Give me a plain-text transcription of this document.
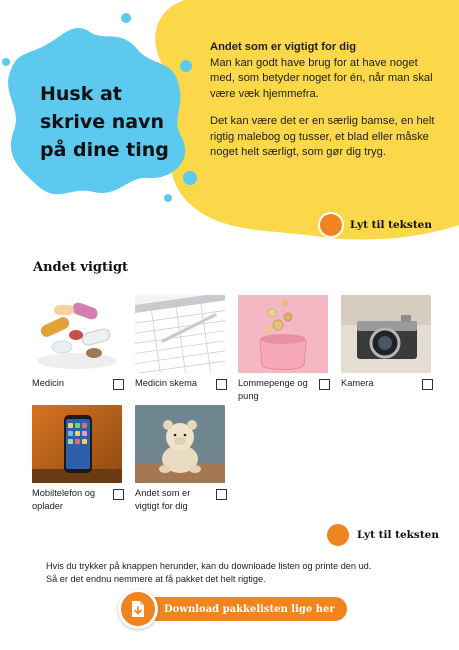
Husk at skrive navn på dine ting
Andet som er vigtigt for dig

Man kan godt have brug for at have noget med, som betyder noget for én, når man skal være væk hjemmefra.

Det kan være det er en særlig bamse, en helt rigtig malebog og tusser, et blad eller måske noget helt særligt, som gør dig tryg.

Lyt til teksten
Andet vigtigt
Medicin	Medicin skema	Lommepenge og pung
Kamera
Mobiltelefon og oplader
Andet som er vigtigt for dig
Lyt til teksten
Hvis du trykker på knappen herunder, kan du downloade listen og printe den ud.
Så er det endnu nemmere at få pakket det helt rigtige.
Download pakkelisten lige her
